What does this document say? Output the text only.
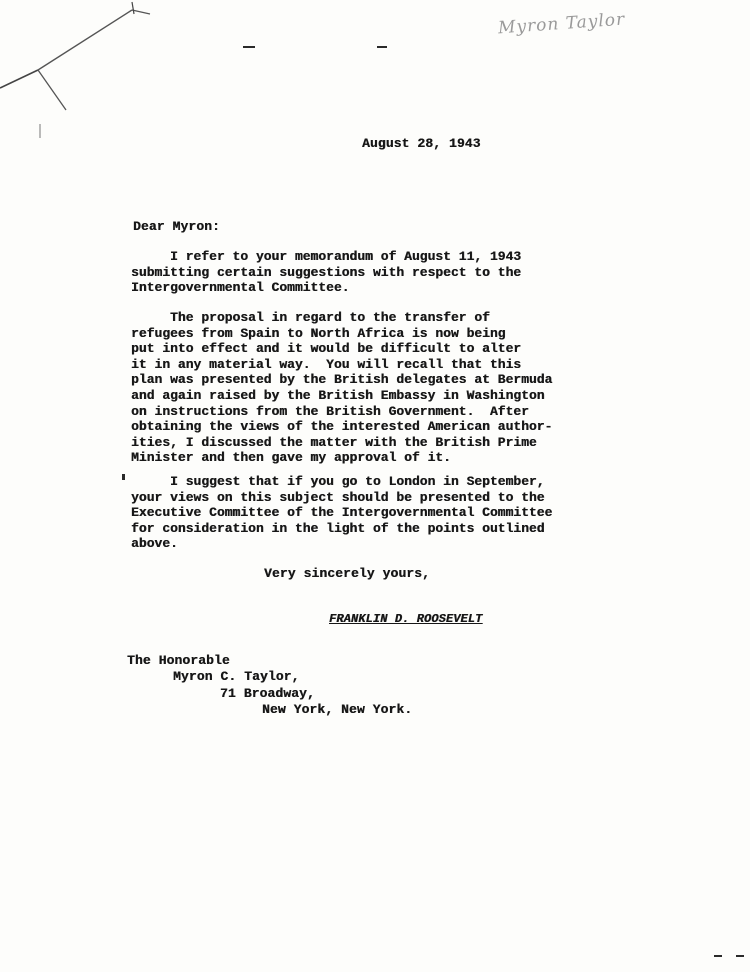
Myron Taylor
August 28, 1943
Dear Myron:
I refer to your memorandum of August 11, 1943
submitting certain suggestions with respect to the
Intergovernmental Committee.
The proposal in regard to the transfer of
refugees from Spain to North Africa is now being
put into effect and it would be difficult to alter
it in any material way.  You will recall that this
plan was presented by the British delegates at Bermuda
and again raised by the British Embassy in Washington
on instructions from the British Government.  After
obtaining the views of the interested American author-
ities, I discussed the matter with the British Prime
Minister and then gave my approval of it.
I suggest that if you go to London in September,
your views on this subject should be presented to the
Executive Committee of the Intergovernmental Committee
for consideration in the light of the points outlined
above.
Very sincerely yours,
FRANKLIN D. ROOSEVELT
The Honorable
Myron C. Taylor,
71 Broadway,
New York, New York.
